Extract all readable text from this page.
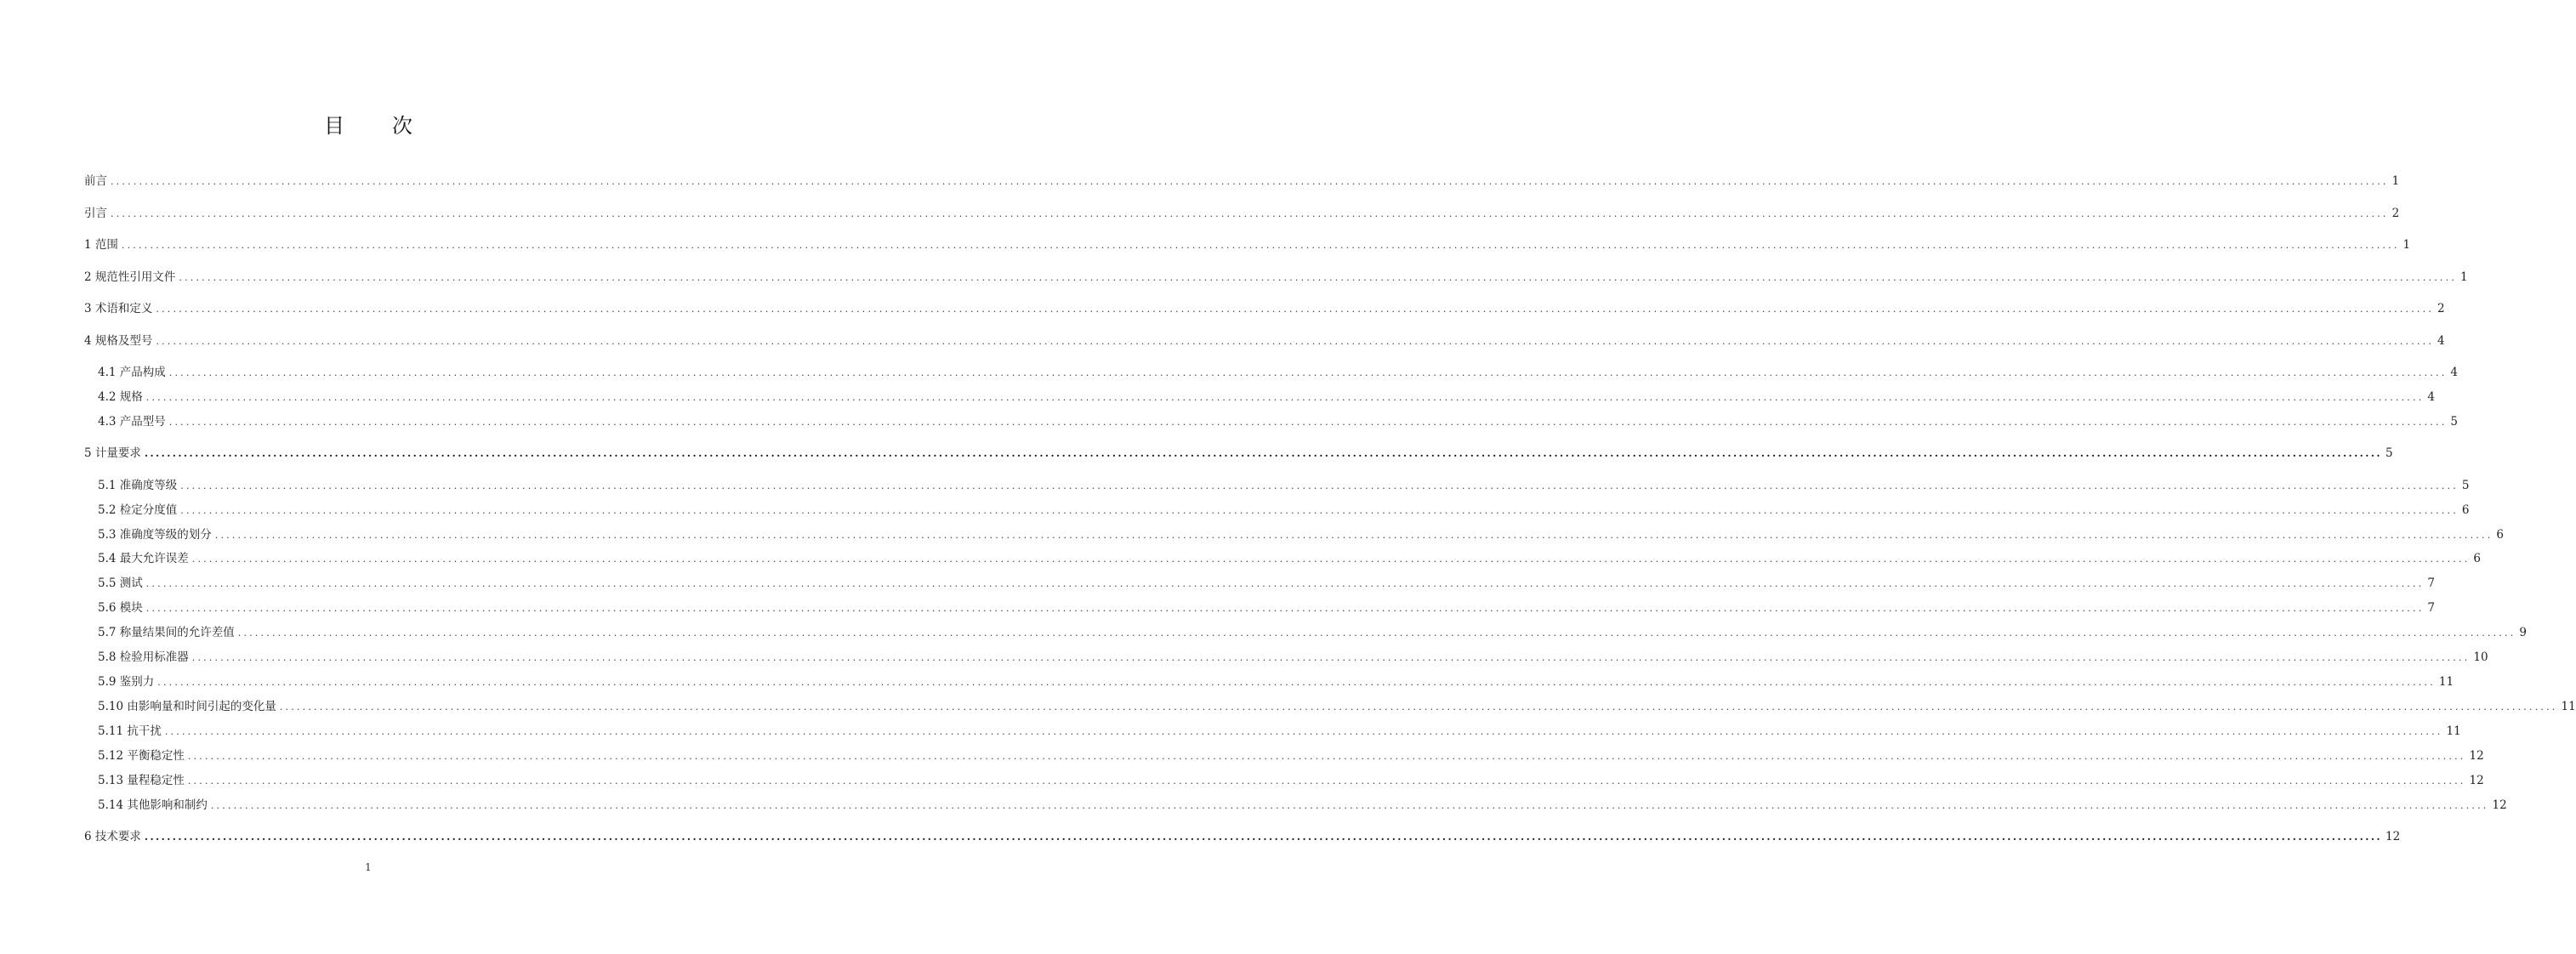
目 次
前言 ................................................................................................................................................................................................................................................................................................................................................................................................................ 1
引言 ................................................................................................................................................................................................................................................................................................................................................................................................................ 2
1 范围 ................................................................................................................................................................................................................................................................................................................................................................................................................ 1
2 规范性引用文件 ................................................................................................................................................................................................................................................................................................................................................................................................................ 1
3 术语和定义 ................................................................................................................................................................................................................................................................................................................................................................................................................ 2
4 规格及型号 ................................................................................................................................................................................................................................................................................................................................................................................................................ 4
4.1 产品构成 ................................................................................................................................................................................................................................................................................................................................................................................................................ 4
4.2 规格 ................................................................................................................................................................................................................................................................................................................................................................................................................ 4
4.3 产品型号 ................................................................................................................................................................................................................................................................................................................................................................................................................ 5
5 计量要求 ................................................................................................................................................................................................................................................................................................................................................................................................................ 5
5.1 准确度等级 ................................................................................................................................................................................................................................................................................................................................................................................................................ 5
5.2 检定分度值 ................................................................................................................................................................................................................................................................................................................................................................................................................ 6
5.3 准确度等级的划分 ................................................................................................................................................................................................................................................................................................................................................................................................................ 6
5.4 最大允许误差 ................................................................................................................................................................................................................................................................................................................................................................................................................ 6
5.5 测试 ................................................................................................................................................................................................................................................................................................................................................................................................................ 7
5.6 模块 ................................................................................................................................................................................................................................................................................................................................................................................................................ 7
5.7 称量结果间的允许差值 ................................................................................................................................................................................................................................................................................................................................................................................................................ 9
5.8 检验用标准器 ................................................................................................................................................................................................................................................................................................................................................................................................................ 10
5.9 鉴别力 ................................................................................................................................................................................................................................................................................................................................................................................................................ 11
5.10 由影响量和时间引起的变化量 ................................................................................................................................................................................................................................................................................................................................................................................................................ 11
5.11 抗干扰 ................................................................................................................................................................................................................................................................................................................................................................................................................ 11
5.12 平衡稳定性 ................................................................................................................................................................................................................................................................................................................................................................................................................ 12
5.13 量程稳定性 ................................................................................................................................................................................................................................................................................................................................................................................................................ 12
5.14 其他影响和制约 ................................................................................................................................................................................................................................................................................................................................................................................................................ 12
6 技术要求 ................................................................................................................................................................................................................................................................................................................................................................................................................ 12
1
